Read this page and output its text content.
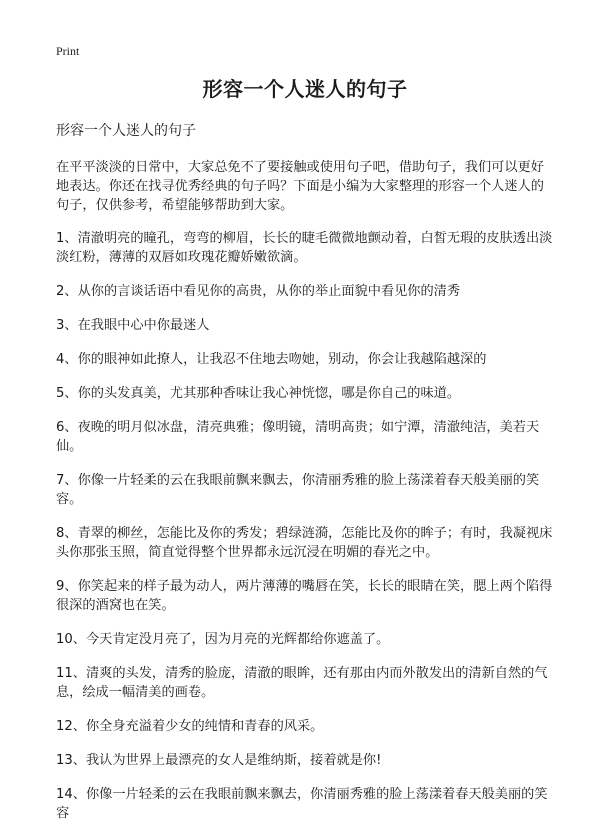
Print
形容一个人迷人的句子

形容一个人迷人的句子

在平平淡淡的日常中，大家总免不了要接触或使用句子吧，借助句子，我们可以更好地表达。你还在找寻优秀经典的句子吗？下面是小编为大家整理的形容一个人迷人的句子，仅供参考，希望能够帮助到大家。

1、清澈明亮的瞳孔，弯弯的柳眉，长长的睫毛微微地颤动着，白皙无瑕的皮肤透出淡淡红粉，薄薄的双唇如玫瑰花瓣娇嫩欲滴。

2、从你的言谈话语中看见你的高贵，从你的举止面貌中看见你的清秀

3、在我眼中心中你最迷人

4、你的眼神如此撩人，让我忍不住地去吻她，别动，你会让我越陷越深的

5、你的头发真美，尤其那种香味让我心神恍惚，哪是你自己的味道。

6、夜晚的明月似冰盘，清亮典雅；像明镜，清明高贵；如宁潭，清澈纯洁，美若天仙。

7、你像一片轻柔的云在我眼前飘来飘去，你清丽秀雅的脸上荡漾着春天般美丽的笑容。

8、青翠的柳丝，怎能比及你的秀发；碧绿涟漪，怎能比及你的眸子；有时，我凝视床头你那张玉照，简直觉得整个世界都永远沉浸在明媚的春光之中。

9、你笑起来的样子最为动人，两片薄薄的嘴唇在笑，长长的眼睛在笑，腮上两个陷得很深的酒窝也在笑。

10、今天肯定没月亮了，因为月亮的光辉都给你遮盖了。

11、清爽的头发，清秀的脸庞，清澈的眼眸，还有那由内而外散发出的清新自然的气息，绘成一幅清美的画卷。

12、你全身充溢着少女的纯情和青春的风采。

13、我认为世界上最漂亮的女人是维纳斯，接着就是你!

14、你像一片轻柔的云在我眼前飘来飘去，你清丽秀雅的脸上荡漾着春天般美丽的笑容
